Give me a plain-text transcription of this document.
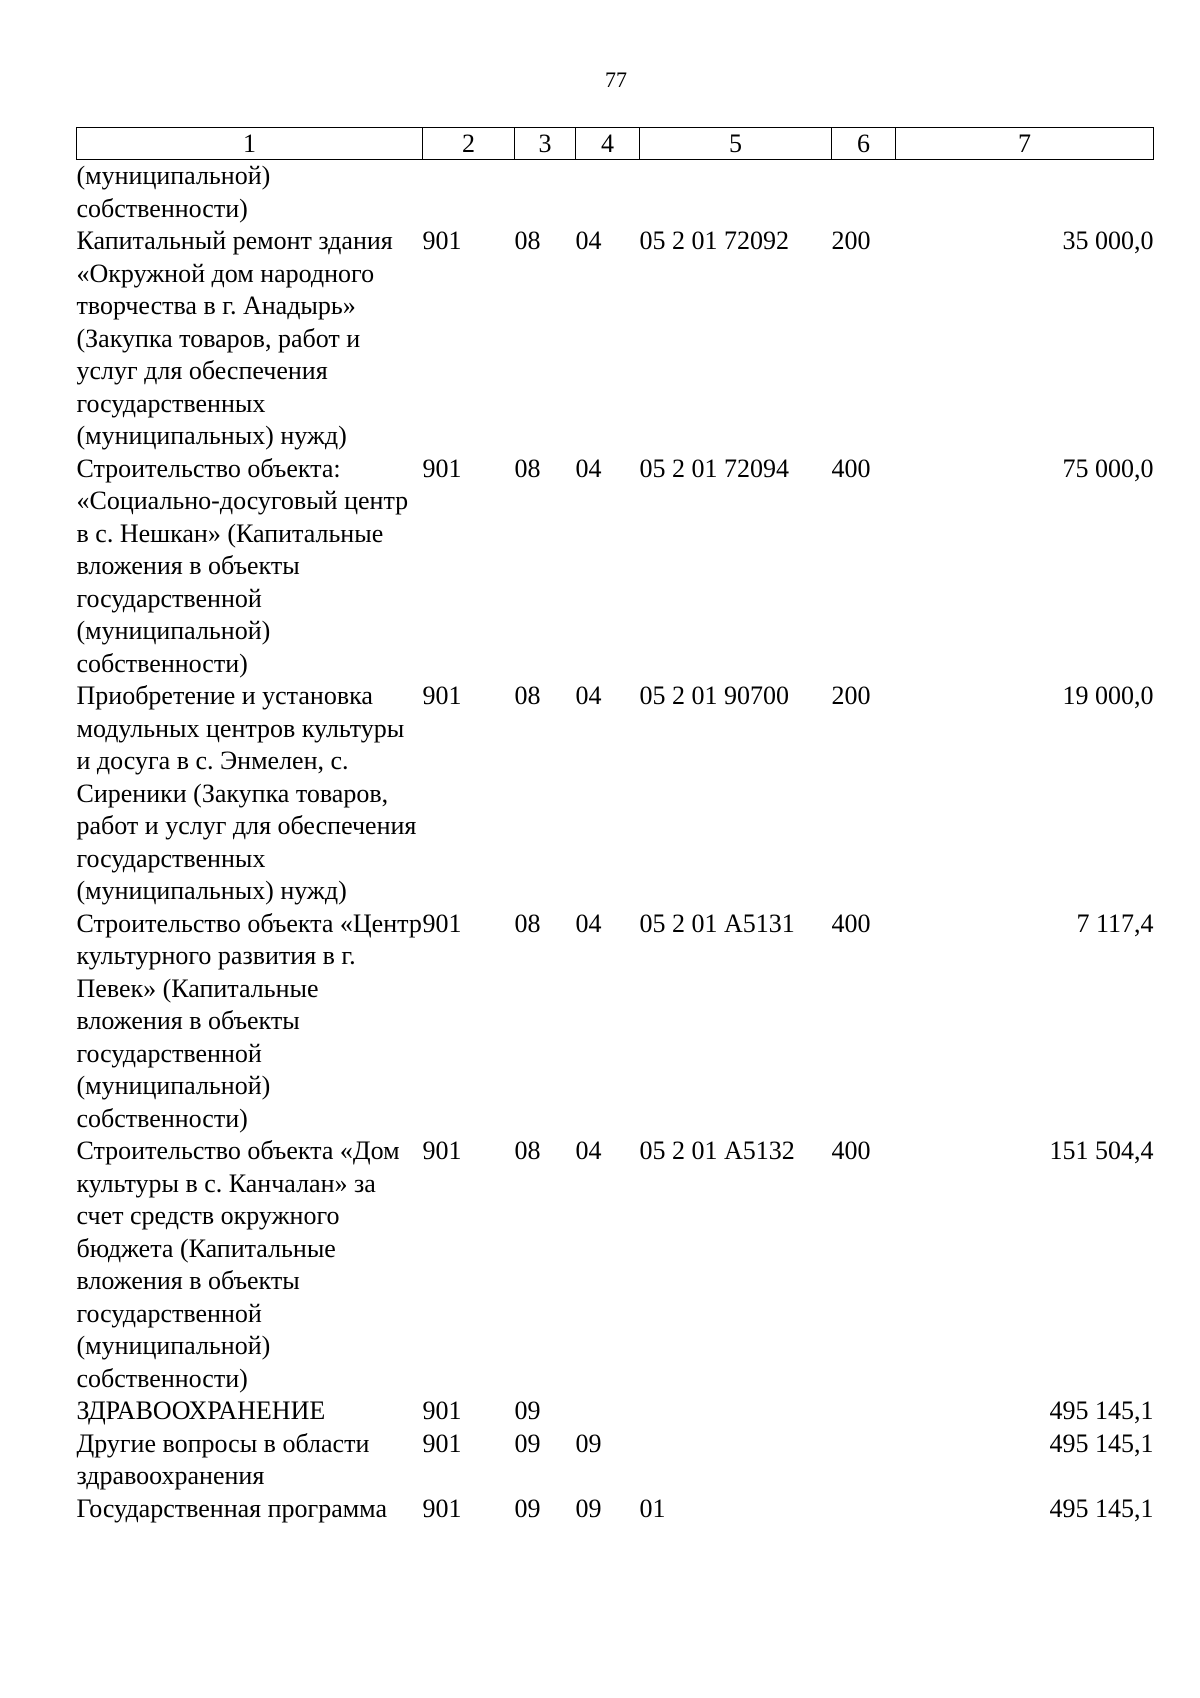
77
1	2	3	4	5	6	7
(муниципальной) собственности)						
Капитальный ремонт здания «Окружной дом народного творчества в г. Анадырь» (Закупка товаров, работ и услуг для обеспечения государственных (муниципальных) нужд)	901	08	04	05 2 01 72092	200	35 000,0
Строительство объекта: «Социально-досуговый центр в с. Нешкан» (Капитальные вложения в объекты государственной (муниципальной) собственности)	901	08	04	05 2 01 72094	400	75 000,0
Приобретение и установка модульных центров культуры и досуга в с. Энмелен, с. Сиреники (Закупка товаров, работ и услуг для обеспечения государственных (муниципальных) нужд)	901	08	04	05 2 01 90700	200	19 000,0
Строительство объекта «Центр культурного развития в г. Певек» (Капитальные вложения в объекты государственной (муниципальной) собственности)	901	08	04	05 2 01 А5131	400	7 117,4
Строительство объекта «Дом культуры в с. Канчалан» за счет средств окружного бюджета (Капитальные вложения в объекты государственной (муниципальной) собственности)	901	08	04	05 2 01 А5132	400	151 504,4
ЗДРАВООХРАНЕНИЕ	901	09				495 145,1
Другие вопросы в области здравоохранения	901	09	09			495 145,1
Государственная программа	901	09	09	01		495 145,1
